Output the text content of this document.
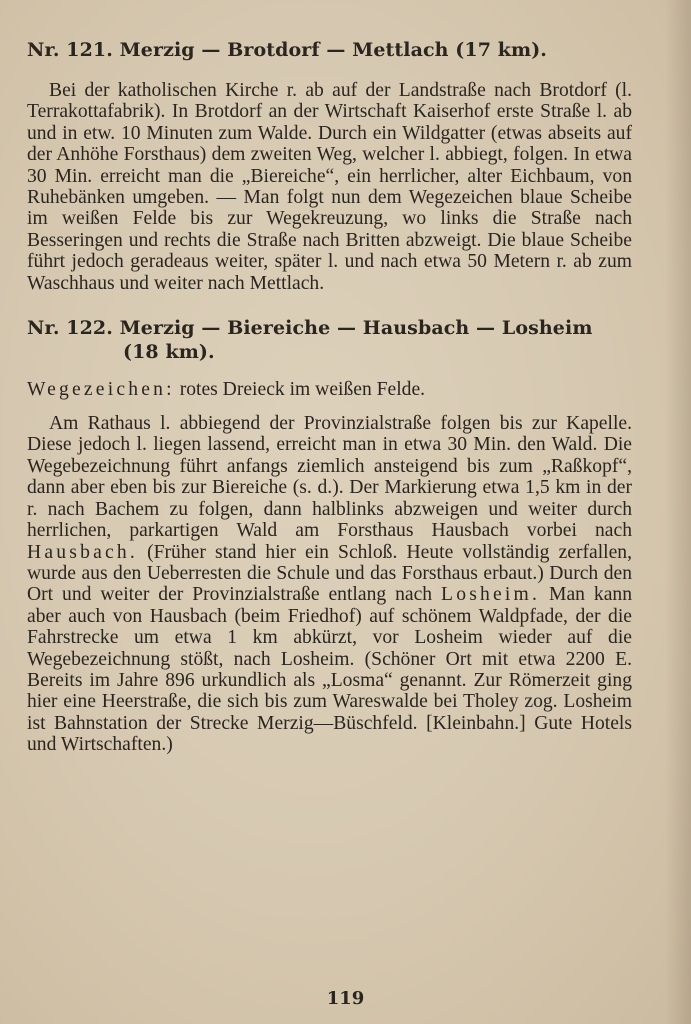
Nr. 121. Merzig — Brotdorf — Mettlach (17 km).

Bei der katholischen Kirche r. ab auf der Landstraße nach Brotdorf (l. Terrakottafabrik). In Brotdorf an der Wirtschaft Kaiserhof erste Straße l. ab und in etw. 10 Minuten zum Walde. Durch ein Wildgatter (etwas abseits auf der Anhöhe Forsthaus) dem zweiten Weg, welcher l. abbiegt, folgen. In etwa 30 Min. erreicht man die „Biereiche“, ein herrlicher, alter Eichbaum, von Ruhebänken umgeben. — Man folgt nun dem Wegezeichen blaue Scheibe im weißen Felde bis zur Wegekreuzung, wo links die Straße nach Besseringen und rechts die Straße nach Britten abzweigt. Die blaue Scheibe führt jedoch geradeaus weiter, später l. und nach etwa 50 Metern r. ab zum Waschhaus und weiter nach Mettlach.

Nr. 122. Merzig — Biereiche — Hausbach — Losheim

(18 km).

Wegezeichen: rotes Dreieck im weißen Felde.

Am Rathaus l. abbiegend der Provinzialstraße folgen bis zur Kapelle. Diese jedoch l. liegen lassend, erreicht man in etwa 30 Min. den Wald. Die Wegebezeichnung führt anfangs ziemlich ansteigend bis zum „Raßkopf“, dann aber eben bis zur Biereiche (s. d.). Der Markierung etwa 1,5 km in der r. nach Bachem zu folgen, dann halblinks abzweigen und weiter durch herrlichen, parkartigen Wald am Forsthaus Hausbach vorbei nach Hausbach. (Früher stand hier ein Schloß. Heute vollständig zerfallen, wurde aus den Ueberresten die Schule und das Forsthaus erbaut.) Durch den Ort und weiter der Provinzialstraße entlang nach Losheim. Man kann aber auch von Hausbach (beim Friedhof) auf schönem Waldpfade, der die Fahrstrecke um etwa 1 km abkürzt, vor Losheim wieder auf die Wegebezeichnung stößt, nach Losheim. (Schöner Ort mit etwa 2200 E. Bereits im Jahre 896 urkundlich als „Losma“ genannt. Zur Römerzeit ging hier eine Heerstraße, die sich bis zum Wareswalde bei Tholey zog. Losheim ist Bahnstation der Strecke Merzig—Büschfeld. [Kleinbahn.] Gute Hotels und Wirtschaften.)

119
